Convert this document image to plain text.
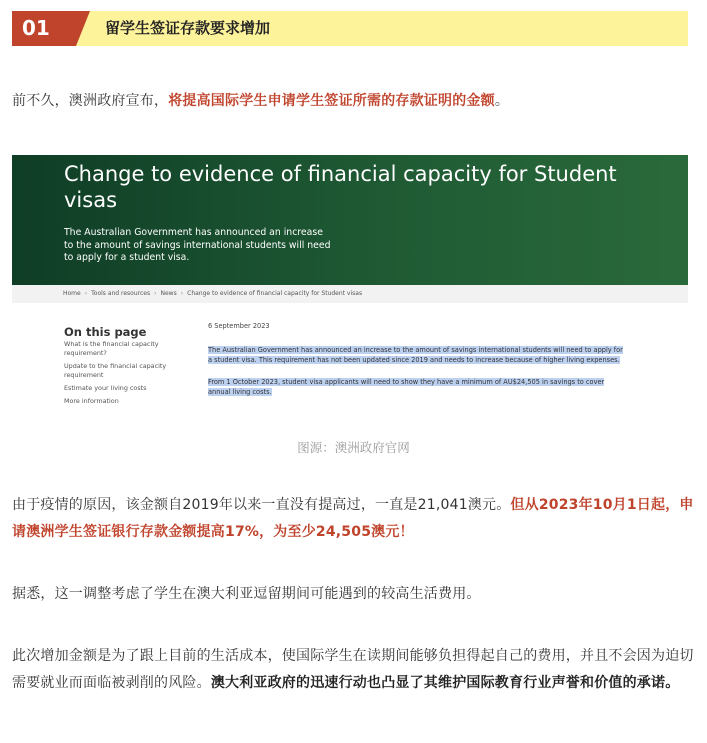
01	留学生签证存款要求增加

前不久，澳洲政府宣布，将提高国际学生申请学生签证所需的存款证明的金额。

Change to evidence of financial capacity for Student visas
The Australian Government has announced an increase to the amount of savings international students will need to apply for a student visa.
Home › Tools and resources › News › Change to evidence of financial capacity for Student visas
On this page
What is the financial capacity requirement?
Update to the financial capacity requirement
Estimate your living costs
More information
6 September 2023

The Australian Government has announced an increase to the amount of savings international students will need to apply for a student visa. This requirement has not been updated since 2019 and needs to increase because of higher living expenses.

From 1 October 2023, student visa applicants will need to show they have a minimum of AU$24,505 in savings to cover annual living costs.

图源：澳洲政府官网

由于疫情的原因，该金额自2019年以来一直没有提高过，一直是21,041澳元。但从2023年10月1日起，申请澳洲学生签证银行存款金额提高17%，为至少24,505澳元！

据悉，这一调整考虑了学生在澳大利亚逗留期间可能遇到的较高生活费用。

此次增加金额是为了跟上目前的生活成本，使国际学生在读期间能够负担得起自己的费用，并且不会因为迫切需要就业而面临被剥削的风险。澳大利亚政府的迅速行动也凸显了其维护国际教育行业声誉和价值的承诺。
